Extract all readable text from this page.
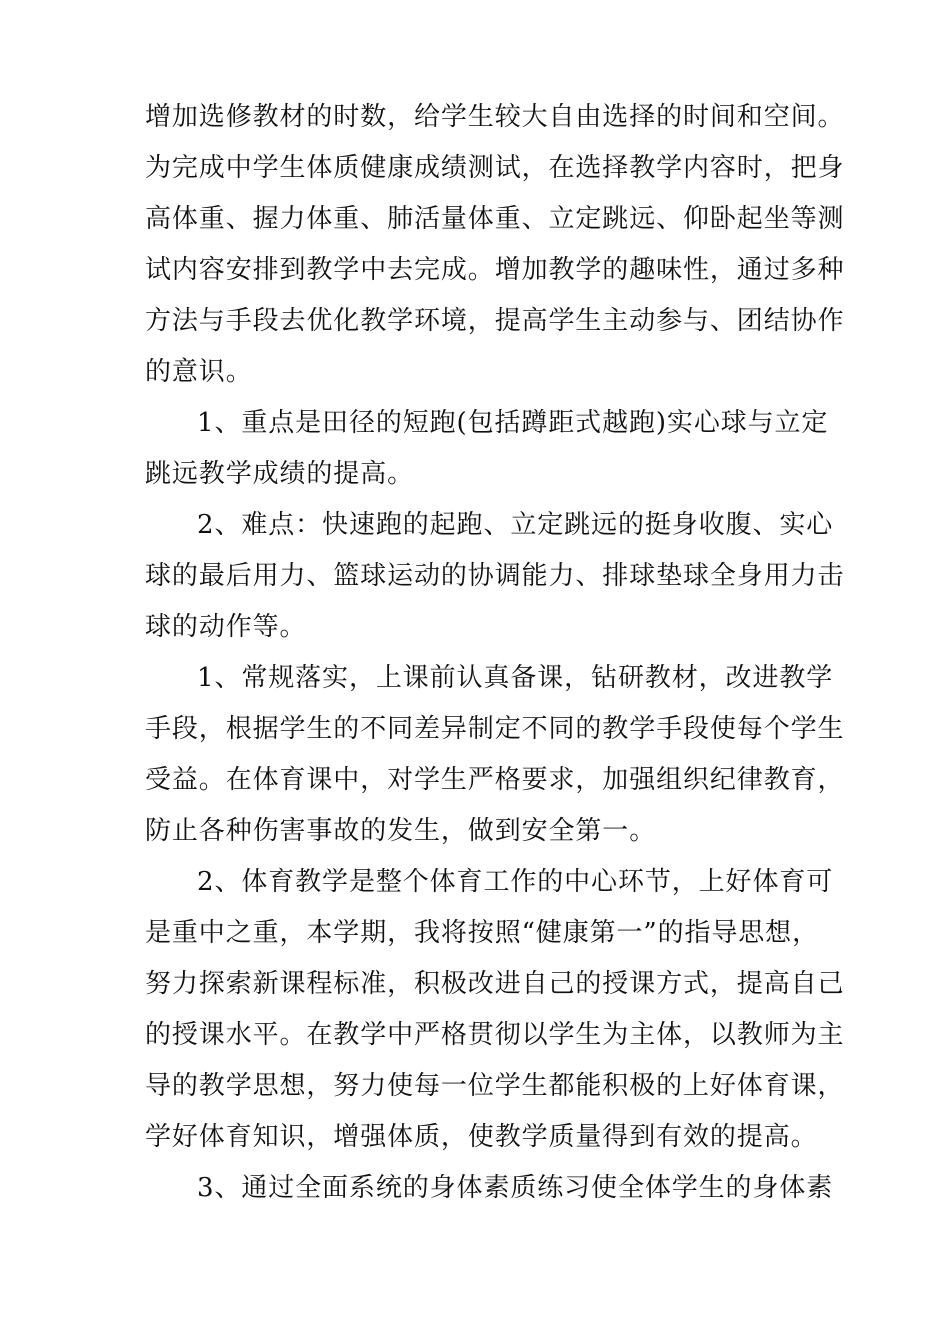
增加选修教材的时数，给学生较大自由选择的时间和空间。
为完成中学生体质健康成绩测试，在选择教学内容时，把身
高体重、握力体重、肺活量体重、立定跳远、仰卧起坐等测
试内容安排到教学中去完成。增加教学的趣味性，通过多种
方法与手段去优化教学环境，提高学生主动参与、团结协作
的意识。
1、重点是田径的短跑(包括蹲距式越跑)实心球与立定
跳远教学成绩的提高。
2、难点：快速跑的起跑、立定跳远的挺身收腹、实心
球的最后用力、篮球运动的协调能力、排球垫球全身用力击
球的动作等。
1、常规落实，上课前认真备课，钻研教材，改进教学
手段，根据学生的不同差异制定不同的教学手段使每个学生
受益。在体育课中，对学生严格要求，加强组织纪律教育，
防止各种伤害事故的发生，做到安全第一。
2、体育教学是整个体育工作的中心环节，上好体育可
是重中之重，本学期，我将按照“健康第一”的指导思想，
努力探索新课程标准，积极改进自己的授课方式，提高自己
的授课水平。在教学中严格贯彻以学生为主体，以教师为主
导的教学思想，努力使每一位学生都能积极的上好体育课，
学好体育知识，增强体质，使教学质量得到有效的提高。
3、通过全面系统的身体素质练习使全体学生的身体素
